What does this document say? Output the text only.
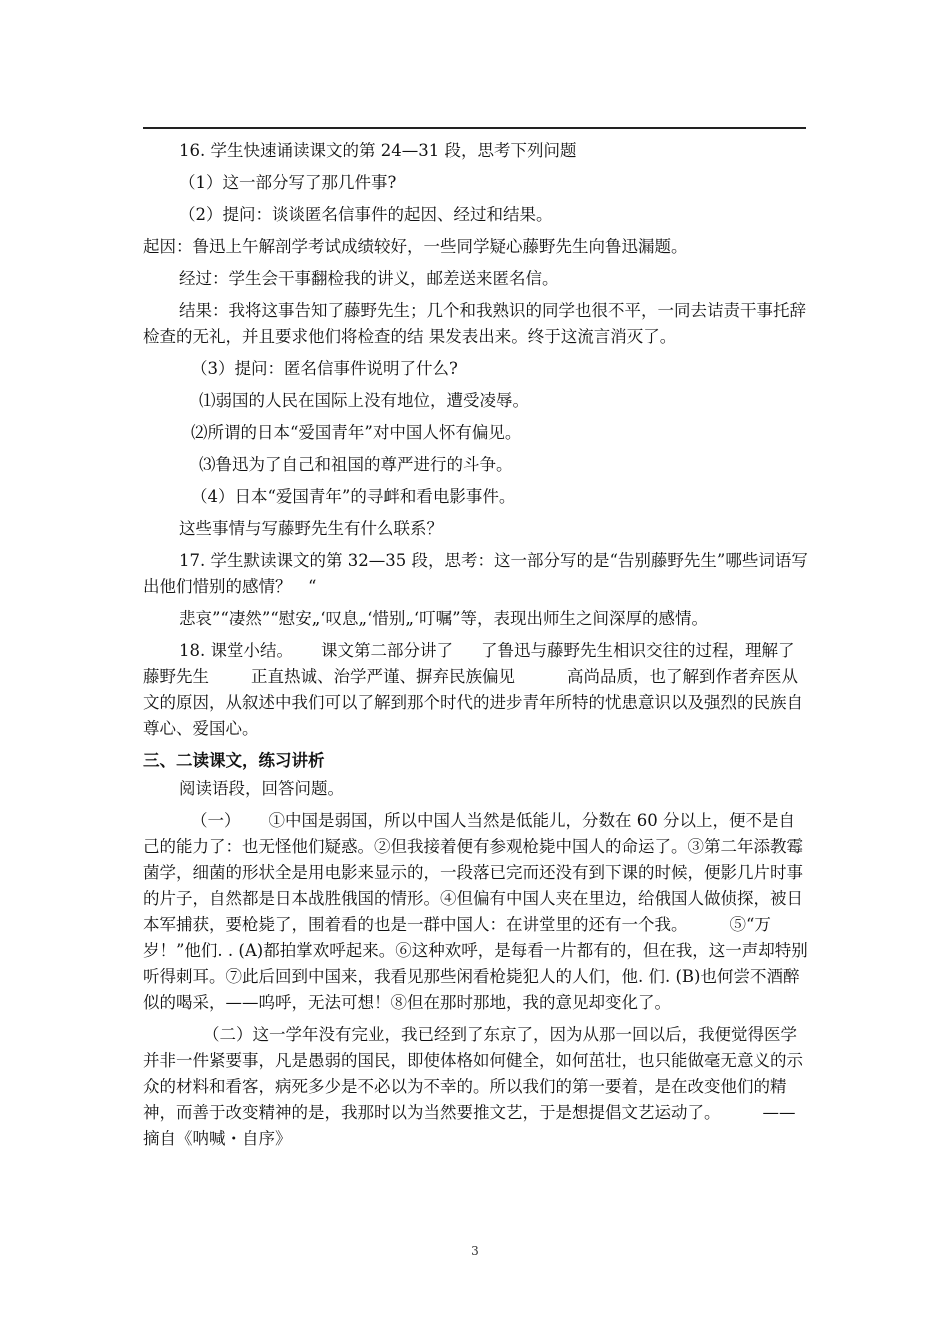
16. 学生快速诵读课文的第 24—31 段，思考下列问题

（1）这一部分写了那几件事?

（2）提问：谈谈匿名信事件的起因、经过和结果。

起因：鲁迅上午解剖学考试成绩较好，一些同学疑心藤野先生向鲁迅漏题。

经过：学生会干事翻检我的讲义，邮差送来匿名信。

结果：我将这事告知了藤野先生；几个和我熟识的同学也很不平，一同去诘责干事托辞检查的无礼，并且要求他们将检查的结 果发表出来。终于这流言消灭了。

（3）提问：匿名信事件说明了什么?

⑴弱国的人民在国际上没有地位，遭受凌辱。

⑵所谓的日本“爱国青年”对中国人怀有偏见。

⑶鲁迅为了自己和祖国的尊严进行的斗争。

（4）日本“爱国青年”的寻衅和看电影事件。

这些事情与写藤野先生有什么联系？

17. 学生默读课文的第 32—35 段，思考：这一部分写的是“告别藤野先生”哪些词语写出他们惜别的感情？　“

悲哀”“凄然”“慰安„‘叹息„‘惜别„‘叮嘱”等，表现出师生之间深厚的感情。

18. 课堂小结。 课文第二部分讲了 了鲁迅与藤野先生相识交往的过程，理解了藤野先生	正直热诚、治学严谨、摒弃民族偏见	高尚品质，也了解到作者弃医从文的原因，从叙述中我们可以了解到那个时代的进步青年所特的忧患意识以及强烈的民族自尊心、爱国心。

三、二读课文，练习讲析

阅读语段，回答问题。

（一） ①中国是弱国，所以中国人当然是低能儿，分数在 60 分以上，便不是自己的能力了：也无怪他们疑惑。②但我接着便有参观枪毙中国人的命运了。③第二年添教霉菌学，细菌的形状全是用电影来显示的，一段落已完而还没有到下课的时候，便影几片时事的片子，自然都是日本战胜俄国的情形。④但偏有中国人夹在里边，给俄国人做侦探，被日本军捕获，要枪毙了，围着看的也是一群中国人：在讲堂里的还有一个我。	⑤“万岁！”他们. . (A)都拍掌欢呼起来。⑥这种欢呼，是每看一片都有的，但在我，这一声却特别听得刺耳。⑦此后回到中国来，我看见那些闲看枪毙犯人的人们，他. 们. (B)也何尝不酒醉似的喝采，——呜呼，无法可想！⑧但在那时那地，我的意见却变化了。

（二）这一学年没有完业，我已经到了东京了，因为从那一回以后，我便觉得医学并非一件紧要事，凡是愚弱的国民，即使体格如何健全，如何茁壮，也只能做毫无意义的示众的材料和看客，病死多少是不必以为不幸的。所以我们的第一要着，是在改变他们的精神，而善于改变精神的是，我那时以为当然要推文艺，于是想提倡文艺运动了。	——摘自《呐喊・自序》

3
